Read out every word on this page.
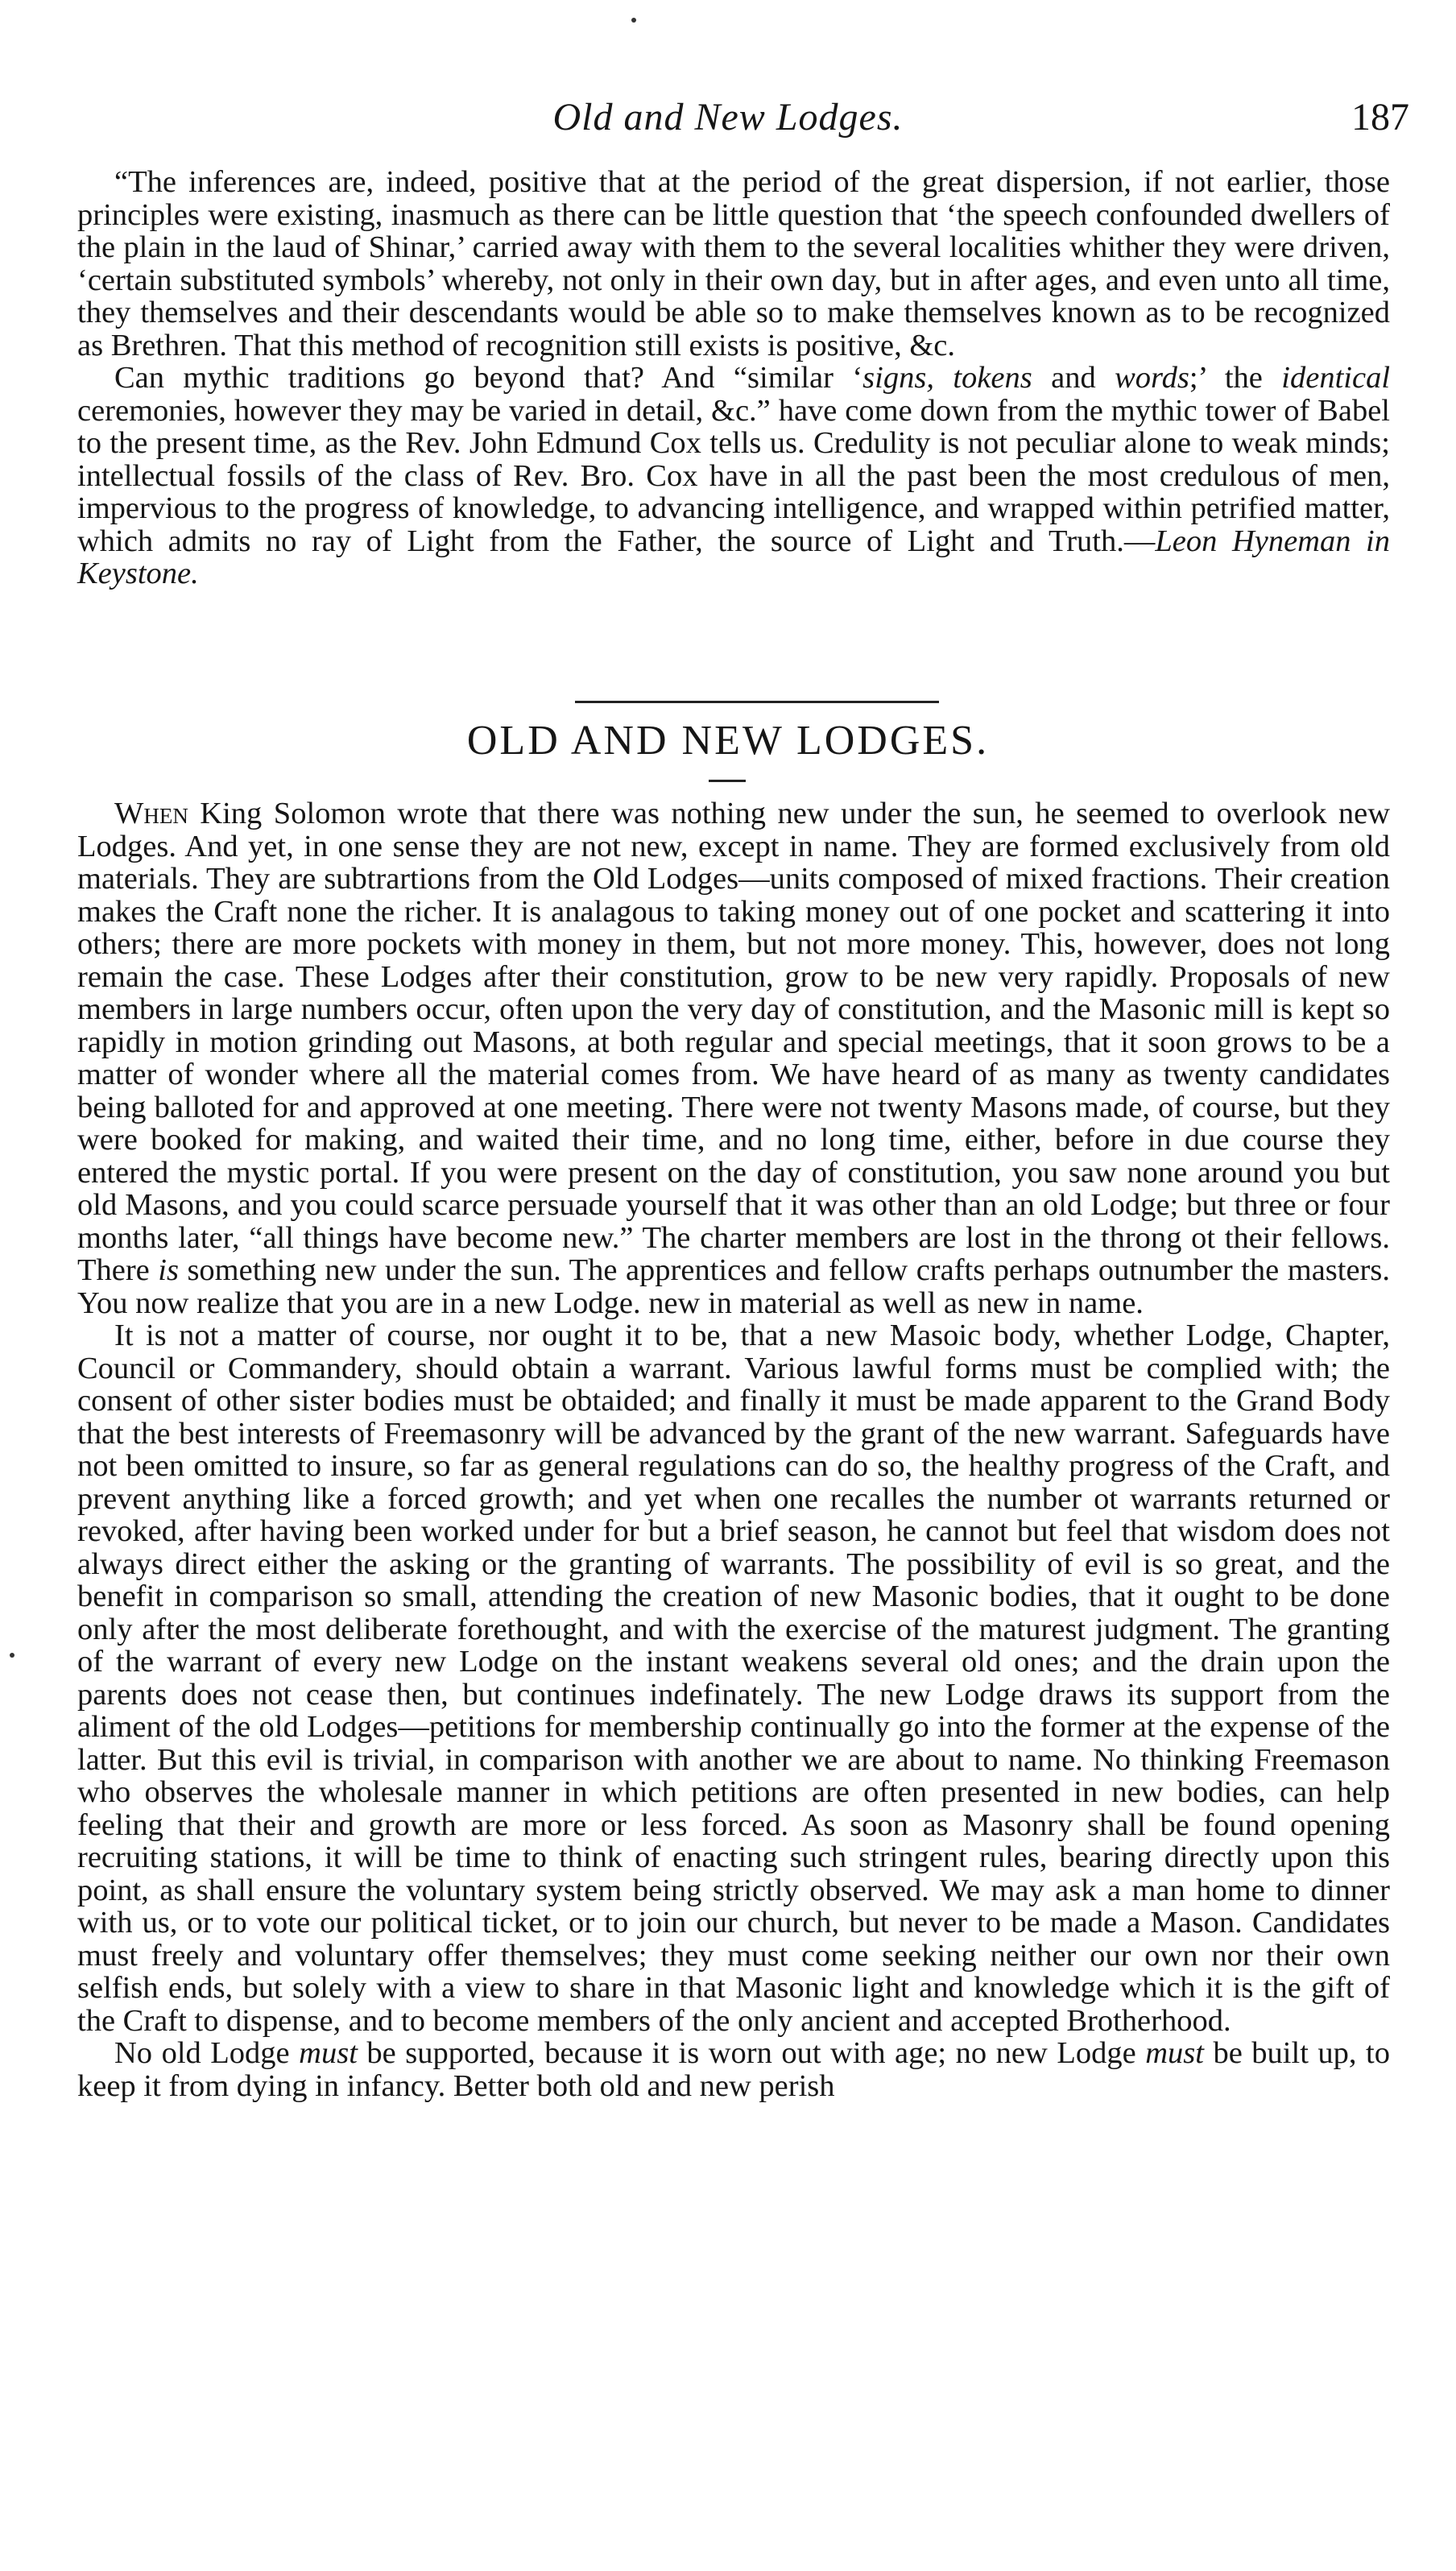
Old and New Lodges.	187

“The inferences are, indeed, positive that at the period of the great dispersion, if not earlier, those principles were existing, inasmuch as there can be little question that ‘the speech confounded dwellers of the plain in the laud of Shinar,’ carried away with them to the several localities whither they were driven, ‘certain substituted symbols’ whereby, not only in their own day, but in after ages, and even unto all time, they themselves and their descendants would be able so to make themselves known as to be recognized as Brethren. That this method of recognition still exists is positive, &c.

Can mythic traditions go beyond that? And “similar ‘signs, tokens and words;’ the identical ceremonies, however they may be varied in detail, &c.” have come down from the mythic tower of Babel to the present time, as the Rev. John Edmund Cox tells us. Credulity is not peculiar alone to weak minds; intellectual fossils of the class of Rev. Bro. Cox have in all the past been the most credulous of men, impervious to the progress of knowledge, to advancing intelligence, and wrapped within petrified matter, which admits no ray of Light from the Father, the source of Light and Truth.—Leon Hyneman in Keystone.

OLD AND NEW LODGES.

When King Solomon wrote that there was nothing new under the sun, he seemed to overlook new Lodges. And yet, in one sense they are not new, except in name. They are formed exclusively from old materials. They are subtrartions from the Old Lodges—units composed of mixed fractions. Their creation makes the Craft none the richer. It is analagous to taking money out of one pocket and scattering it into others; there are more pockets with money in them, but not more money. This, however, does not long remain the case. These Lodges after their constitution, grow to be new very rapidly. Proposals of new members in large numbers occur, often upon the very day of constitution, and the Masonic mill is kept so rapidly in motion grinding out Masons, at both regular and special meetings, that it soon grows to be a matter of wonder where all the material comes from. We have heard of as many as twenty candidates being balloted for and approved at one meeting. There were not twenty Masons made, of course, but they were booked for making, and waited their time, and no long time, either, before in due course they entered the mystic portal. If you were present on the day of constitution, you saw none around you but old Masons, and you could scarce persuade yourself that it was other than an old Lodge; but three or four months later, “all things have become new.” The charter members are lost in the throng ot their fellows. There is something new under the sun. The apprentices and fellow crafts perhaps outnumber the masters. You now realize that you are in a new Lodge. new in material as well as new in name.

It is not a matter of course, nor ought it to be, that a new Masoic body, whether Lodge, Chapter, Council or Commandery, should obtain a warrant. Various lawful forms must be complied with; the consent of other sister bodies must be obtaided; and finally it must be made apparent to the Grand Body that the best interests of Freemasonry will be advanced by the grant of the new warrant. Safeguards have not been omitted to insure, so far as general regulations can do so, the healthy progress of the Craft, and prevent anything like a forced growth; and yet when one recalles the number ot warrants returned or revoked, after having been worked under for but a brief season, he cannot but feel that wisdom does not always direct either the asking or the granting of warrants. The possibility of evil is so great, and the benefit in comparison so small, attending the creation of new Masonic bodies, that it ought to be done only after the most deliberate forethought, and with the exercise of the maturest judgment. The granting of the warrant of every new Lodge on the instant weakens several old ones; and the drain upon the parents does not cease then, but continues indefinately. The new Lodge draws its support from the aliment of the old Lodges—petitions for membership continually go into the former at the expense of the latter. But this evil is trivial, in comparison with another we are about to name. No thinking Freemason who observes the wholesale manner in which petitions are often presented in new bodies, can help feeling that their and growth are more or less forced. As soon as Masonry shall be found opening recruiting stations, it will be time to think of enacting such stringent rules, bearing directly upon this point, as shall ensure the voluntary system being strictly observed. We may ask a man home to dinner with us, or to vote our political ticket, or to join our church, but never to be made a Mason. Candidates must freely and voluntary offer themselves; they must come seeking neither our own nor their own selfish ends, but solely with a view to share in that Masonic light and knowledge which it is the gift of the Craft to dispense, and to become members of the only ancient and accepted Brotherhood.

No old Lodge must be supported, because it is worn out with age; no new Lodge must be built up, to keep it from dying in infancy. Better both old and new perish
